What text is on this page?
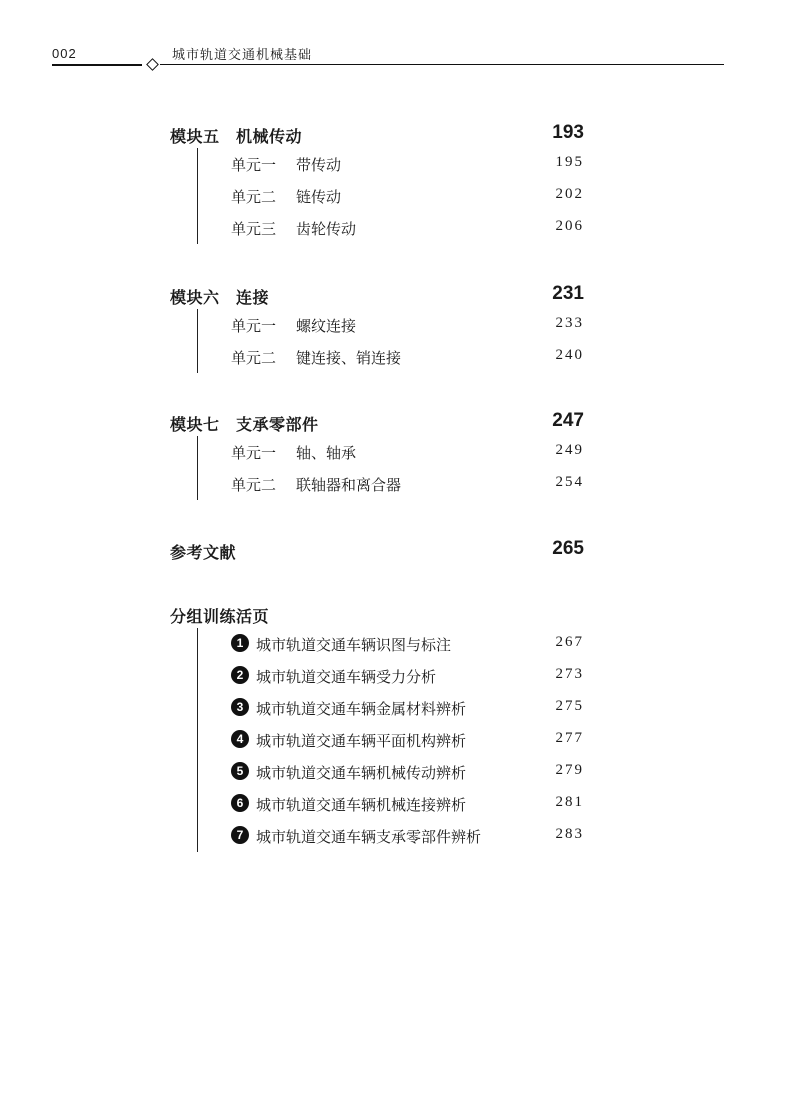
002	城市轨道交通机械基础
模块五　机械传动	193
单元一 带传动	195
单元二 链传动	202
单元三 齿轮传动	206
模块六　连接	231
单元一 螺纹连接	233
单元二 键连接、销连接	240
模块七　支承零部件	247
单元一 轴、轴承	249
单元二 联轴器和离合器	254
参考文献	265
分组训练活页
1 城市轨道交通车辆识图与标注	267
2 城市轨道交通车辆受力分析	273
3 城市轨道交通车辆金属材料辨析	275
4 城市轨道交通车辆平面机构辨析	277
5 城市轨道交通车辆机械传动辨析	279
6 城市轨道交通车辆机械连接辨析	281
7 城市轨道交通车辆支承零部件辨析	283
